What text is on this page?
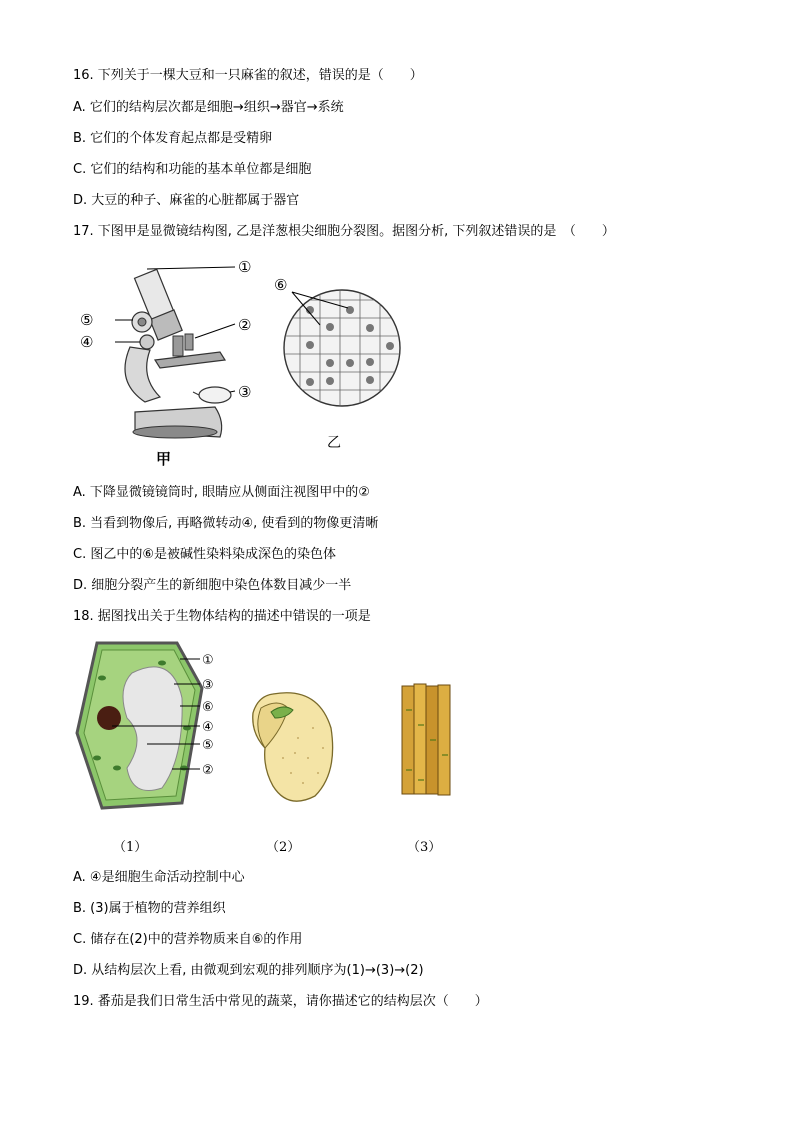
16. 下列关于一棵大豆和一只麻雀的叙述，错误的是（　　）
A. 它们的结构层次都是细胞→组织→器官→系统
B. 它们的个体发育起点都是受精卵
C. 它们的结构和功能的基本单位都是细胞
D. 大豆的种子、麻雀的心脏都属于器官
17. 下图甲是显微镜结构图, 乙是洋葱根尖细胞分裂图。据图分析, 下列叙述错误的是　（　　）
①
②
③
④
⑤
甲
⑥
乙
A. 下降显微镜镜筒时, 眼睛应从侧面注视图甲中的②
B. 当看到物像后, 再略微转动④, 使看到的物像更清晰
C. 图乙中的⑥是被碱性染料染成深色的染色体
D. 细胞分裂产生的新细胞中染色体数目减少一半
18. 据图找出关于生物体结构的描述中错误的一项是
①
③
⑥
④
⑤
②
（1）	（2）	（3）
A. ④是细胞生命活动控制中心
B. (3)属于植物的营养组织
C. 储存在(2)中的营养物质来自⑥的作用
D. 从结构层次上看, 由微观到宏观的排列顺序为(1)→(3)→(2)
19. 番茄是我们日常生活中常见的蔬菜，请你描述它的结构层次（　　）
